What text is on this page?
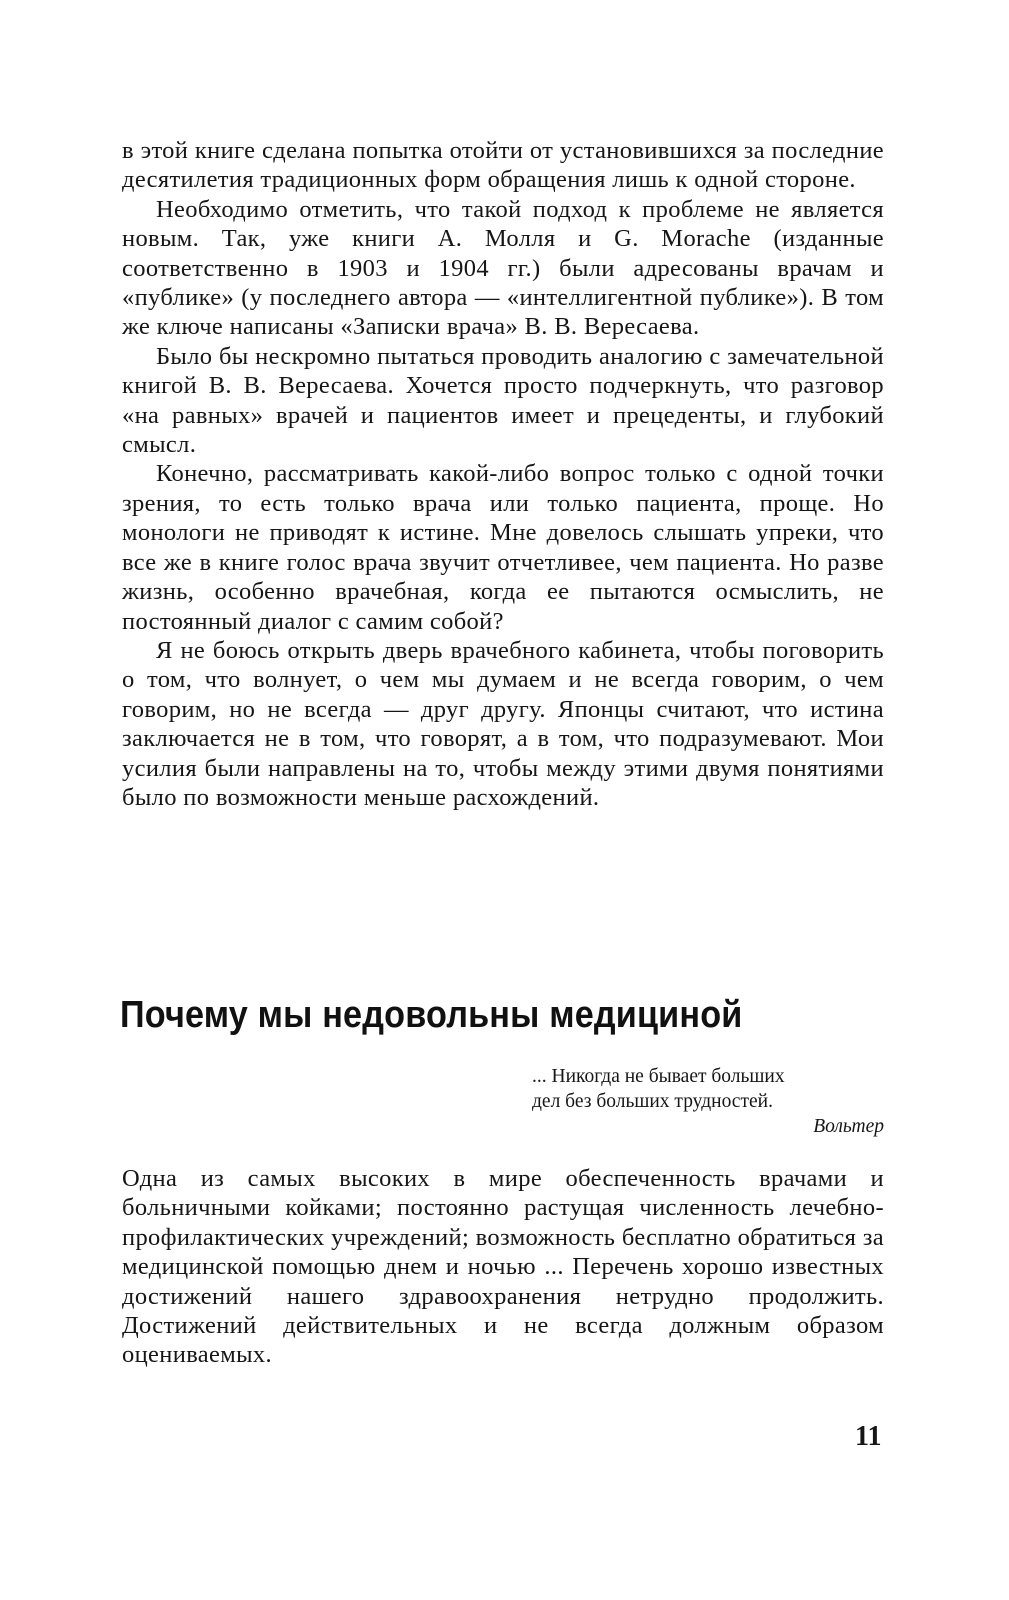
в этой книге сделана попытка отойти от установившихся за последние десятилетия традиционных форм обращения лишь к одной стороне.

Необходимо отметить, что такой подход к проблеме не является новым. Так, уже книги А. Молля и G. Morache (изданные соответственно в 1903 и 1904 гг.) были адресованы врачам и «публике» (у последнего автора — «интеллигентной публике»). В том же ключе написаны «Записки врача» В. В. Вересаева.

Было бы нескромно пытаться проводить аналогию с замечательной книгой В. В. Вересаева. Хочется просто подчеркнуть, что разговор «на равных» врачей и пациентов имеет и прецеденты, и глубокий смысл.

Конечно, рассматривать какой-либо вопрос только с одной точки зрения, то есть только врача или только пациента, проще. Но монологи не приводят к истине. Мне довелось слышать упреки, что все же в книге голос врача звучит отчетливее, чем пациента. Но разве жизнь, особенно врачебная, когда ее пытаются осмыслить, не постоянный диалог с самим собой?

Я не боюсь открыть дверь врачебного кабинета, чтобы поговорить о том, что волнует, о чем мы думаем и не всегда говорим, о чем говорим, но не всегда — друг другу. Японцы считают, что истина заключается не в том, что говорят, а в том, что подразумевают. Мои усилия были направлены на то, чтобы между этими двумя понятиями было по возможности меньше расхождений.

Почему мы недовольны медициной
... Никогда не бывает больших
дел без больших трудностей.
Вольтер

Одна из самых высоких в мире обеспеченность врачами и больничными койками; постоянно растущая численность лечебно-профилактических учреждений; возможность бесплатно обратиться за медицинской помощью днем и ночью ... Перечень хорошо известных достижений нашего здравоохранения нетрудно продолжить. Достижений действительных и не всегда должным образом оцениваемых.

11
